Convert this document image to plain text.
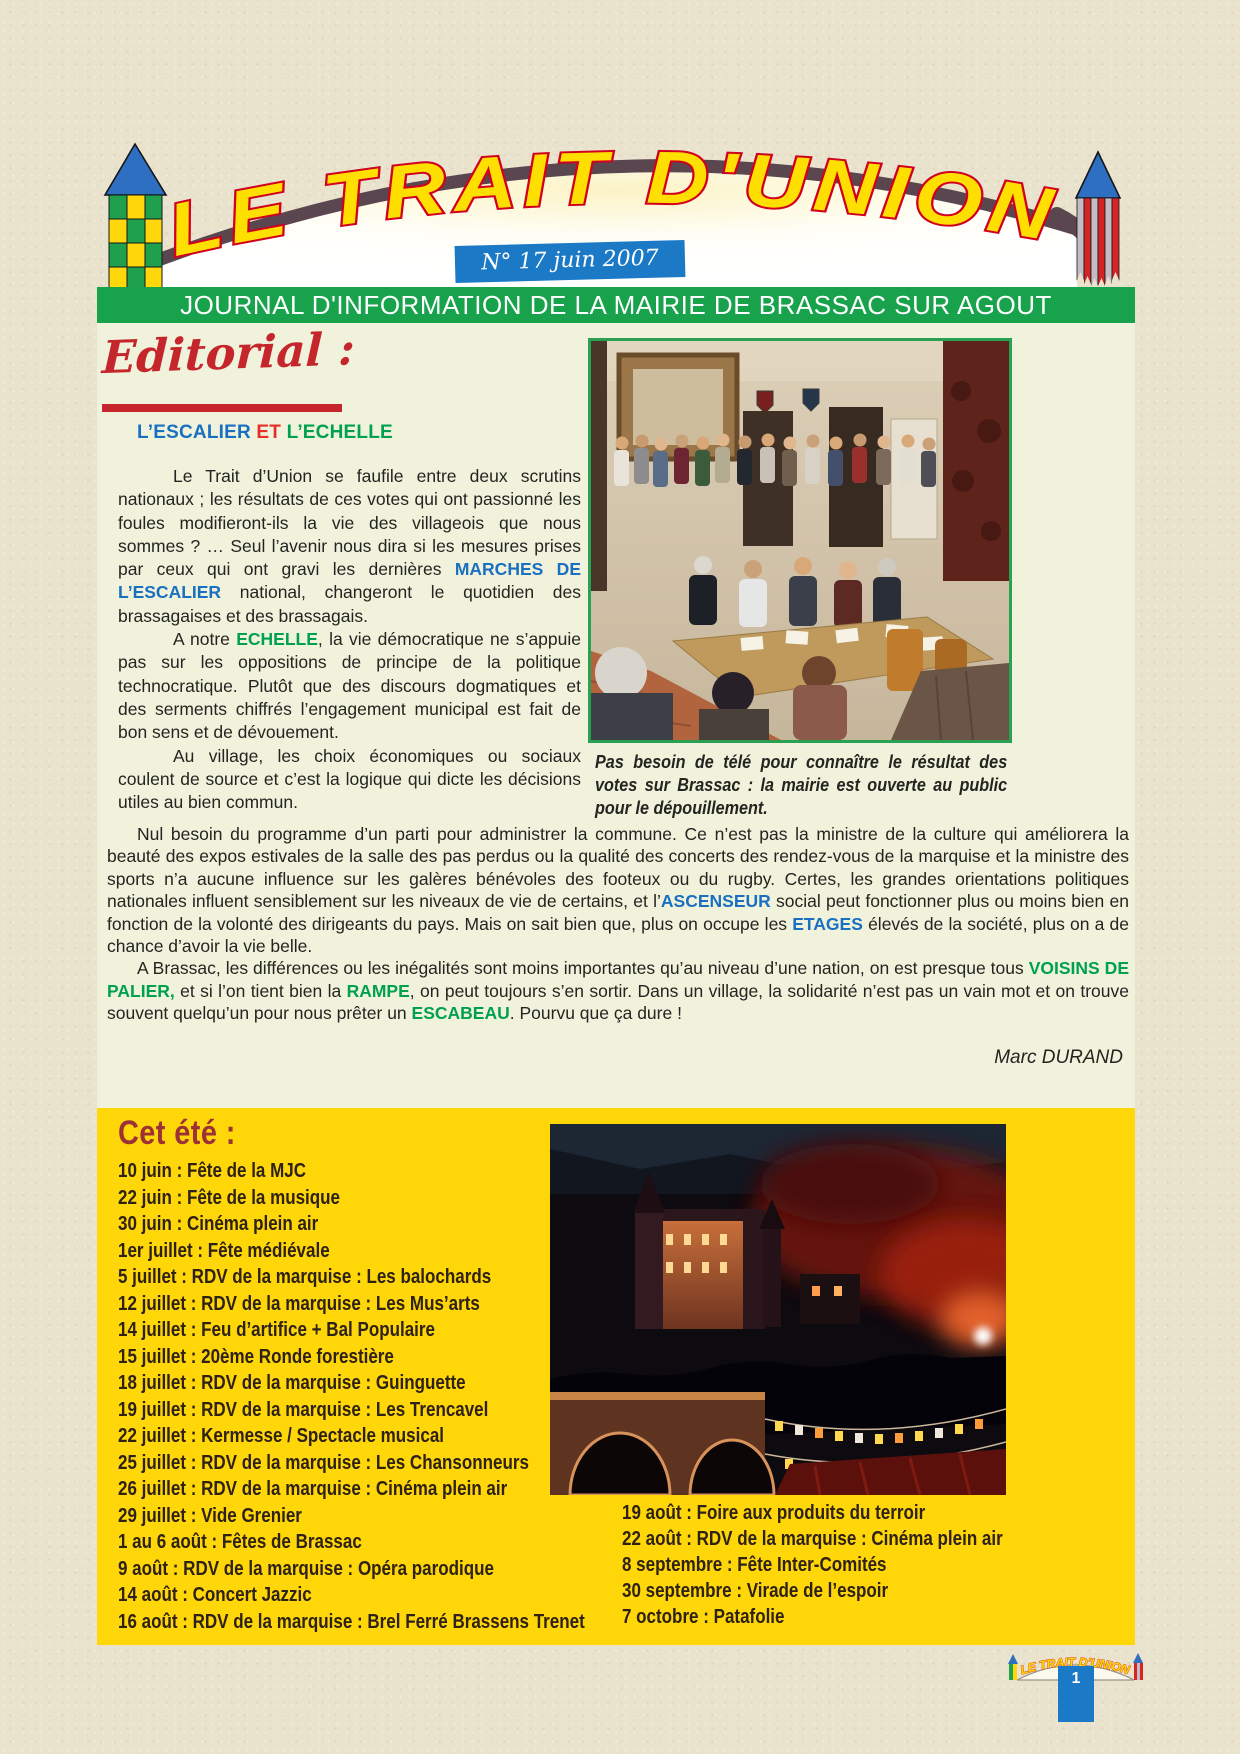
LE TRAIT D'UNION
N° 17 juin 2007
JOURNAL D'INFORMATION DE LA MAIRIE DE BRASSAC SUR AGOUT
Editorial :
L’ESCALIER ET L’ECHELLE

Le Trait d’Union se faufile entre deux scrutins nationaux ; les résultats de ces votes qui ont passionné les foules modifieront-ils la vie des villageois que nous sommes ? … Seul l’avenir nous dira si les mesures prises par ceux qui ont gravi les dernières MARCHES DE L’ESCALIER national, changeront le quotidien des brassagaises et des brassagais.

A notre ECHELLE, la vie démocratique ne s’appuie pas sur les oppositions de principe de la politique technocratique. Plutôt que des discours dogmatiques et des serments chiffrés l’engagement municipal est fait de bon sens et de dévouement.

Au village, les choix économiques ou sociaux coulent de source et c’est la logique qui dicte les décisions utiles au bien commun.

Pas besoin de télé pour connaître le résultat des votes sur Brassac : la mairie est ouverte au public pour le dépouillement.

Nul besoin du programme d’un parti pour administrer la commune. Ce n’est pas la ministre de la culture qui améliorera la beauté des expos estivales de la salle des pas perdus ou la qualité des concerts des rendez-vous de la marquise et la ministre des sports n’a aucune influence sur les galères bénévoles des footeux ou du rugby. Certes, les grandes orientations politiques nationales influent sensiblement sur les niveaux de vie de certains, et l’ASCENSEUR social peut fonctionner plus ou moins bien en fonction de la volonté des dirigeants du pays. Mais on sait bien que, plus on occupe les ETAGES élevés de la société, plus on a de chance d’avoir la vie belle.

A Brassac, les différences ou les inégalités sont moins importantes qu’au niveau d’une nation, on est presque tous VOISINS DE PALIER, et si l’on tient bien la RAMPE, on peut toujours s’en sortir. Dans un village, la solidarité n’est pas un vain mot et on trouve souvent quelqu’un pour nous prêter un ESCABEAU. Pourvu que ça dure !

Marc DURAND
Cet été :
10 juin : Fête de la MJC
22 juin : Fête de la musique
30 juin : Cinéma plein air
1er juillet : Fête médiévale
5 juillet : RDV de la marquise : Les balochards
12 juillet : RDV de la marquise : Les Mus’arts
14 juillet : Feu d’artifice + Bal Populaire
15 juillet : 20ème Ronde forestière
18 juillet : RDV de la marquise : Guinguette
19 juillet : RDV de la marquise : Les Trencavel
22 juillet : Kermesse / Spectacle musical
25 juillet : RDV de la marquise : Les Chansonneurs
26 juillet : RDV de la marquise : Cinéma plein air
29 juillet : Vide Grenier
1 au 6 août : Fêtes de Brassac
9 août : RDV de la marquise : Opéra parodique
14 août : Concert Jazzic
16 août : RDV de la marquise : Brel Ferré Brassens Trenet
19 août : Foire aux produits du terroir
22 août : RDV de la marquise : Cinéma plein air
8 septembre : Fête Inter-Comités
30 septembre : Virade de l’espoir
7 octobre : Patafolie
LE TRAIT D'UNION
1
